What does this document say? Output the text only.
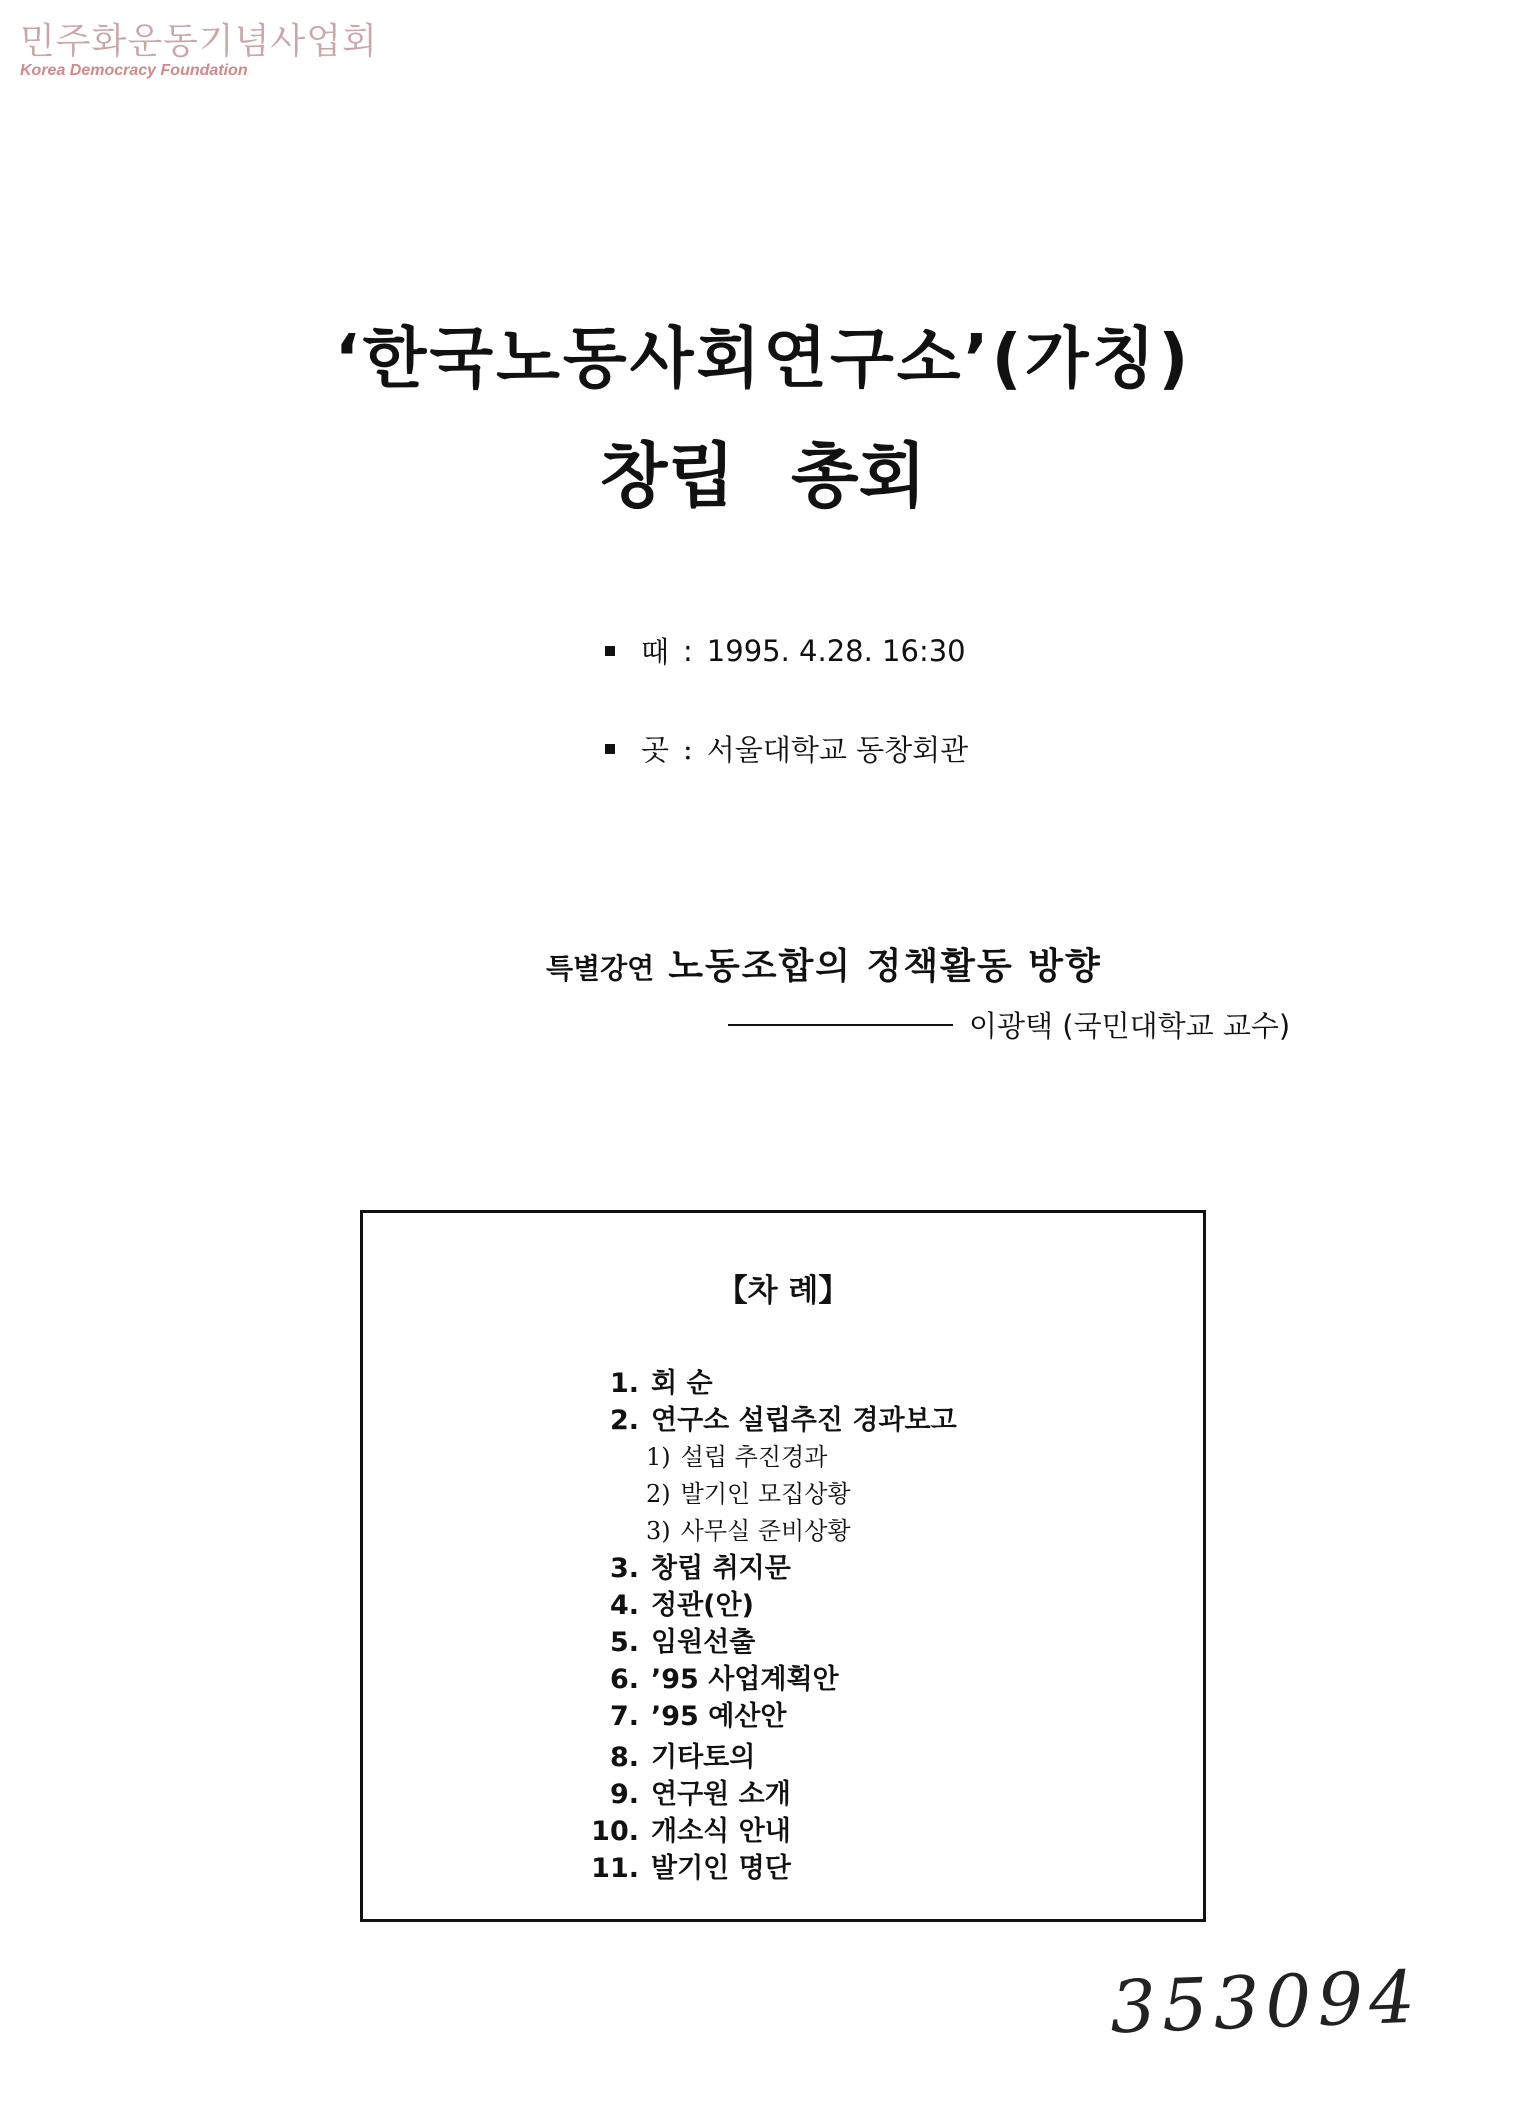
민주화운동기념사업회
Korea Democracy Foundation
‘한국노동사회연구소’(가칭)
창립 총회
때 : 1995. 4.28. 16:30
곳 : 서울대학교 동창회관
특별강연 노동조합의 정책활동 방향
이광택 (국민대학교 교수)
【차 례】
1. 회 순
2. 연구소 설립추진 경과보고
1) 설립 추진경과
2) 발기인 모집상황
3) 사무실 준비상황
3. 창립 취지문
4. 정관(안)
5. 임원선출
6. ’95 사업계획안
7. ’95 예산안
8. 기타토의
9. 연구원 소개
10. 개소식 안내
11. 발기인 명단
353094
